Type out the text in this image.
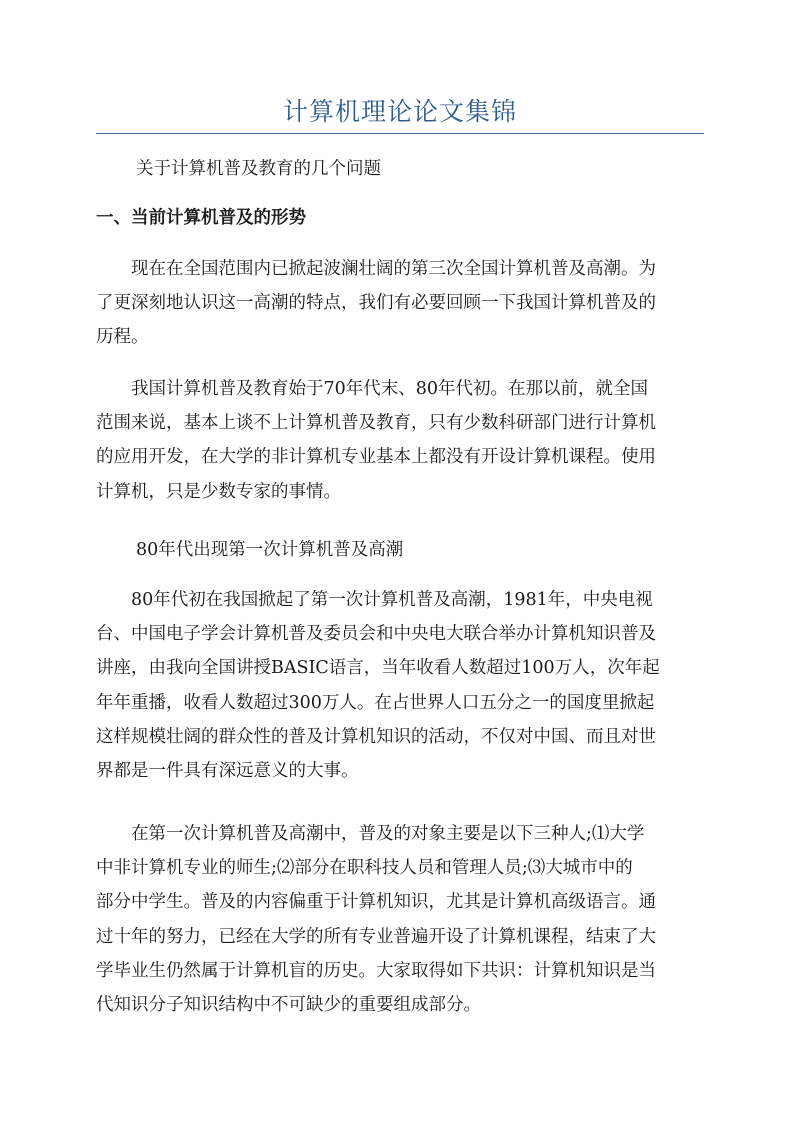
计算机理论论文集锦

关于计算机普及教育的几个问题

一、当前计算机普及的形势

现在在全国范围内已掀起波澜壮阔的第三次全国计算机普及高潮。为
了更深刻地认识这一高潮的特点，我们有必要回顾一下我国计算机普及的
历程。

我国计算机普及教育始于70年代末、80年代初。在那以前，就全国
范围来说，基本上谈不上计算机普及教育，只有少数科研部门进行计算机
的应用开发，在大学的非计算机专业基本上都没有开设计算机课程。使用
计算机，只是少数专家的事情。

80年代出现第一次计算机普及高潮

80年代初在我国掀起了第一次计算机普及高潮，1981年，中央电视
台、中国电子学会计算机普及委员会和中央电大联合举办计算机知识普及
讲座，由我向全国讲授BASIC语言，当年收看人数超过100万人，次年起
年年重播，收看人数超过300万人。在占世界人口五分之一的国度里掀起
这样规模壮阔的群众性的普及计算机知识的活动，不仅对中国、而且对世
界都是一件具有深远意义的大事。

在第一次计算机普及高潮中，普及的对象主要是以下三种人;⑴大学
中非计算机专业的师生;⑵部分在职科技人员和管理人员;⑶大城市中的
部分中学生。普及的内容偏重于计算机知识，尤其是计算机高级语言。通
过十年的努力，已经在大学的所有专业普遍开设了计算机课程，结束了大
学毕业生仍然属于计算机盲的历史。大家取得如下共识：计算机知识是当
代知识分子知识结构中不可缺少的重要组成部分。
